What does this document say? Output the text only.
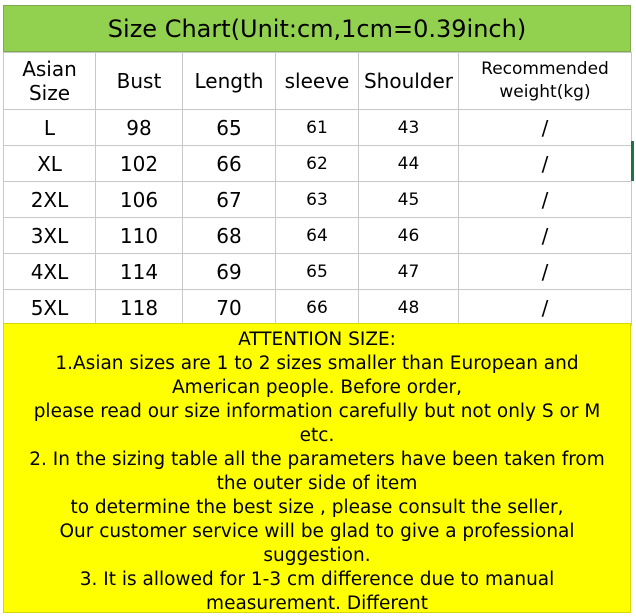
Size Chart(Unit:cm,1cm=0.39inch)
Asian
Size	Bust	Length	sleeve	Shoulder	Recommended
weight(kg)
L	98	65	61	43	/
XL	102	66	62	44	/
2XL	106	67	63	45	/
3XL	110	68	64	46	/
4XL	114	69	65	47	/
5XL	118	70	66	48	/
ATTENTION SIZE:
1.Asian sizes are 1 to 2 sizes smaller than European and
American people. Before order,
please read our size information carefully but not only S or M
etc.
2. In the sizing table all the parameters have been taken from
the outer side of item
to determine the best size , please consult the seller,
Our customer service will be glad to give a professional
suggestion.
3. It is allowed for 1-3 cm difference due to manual
measurement. Different
